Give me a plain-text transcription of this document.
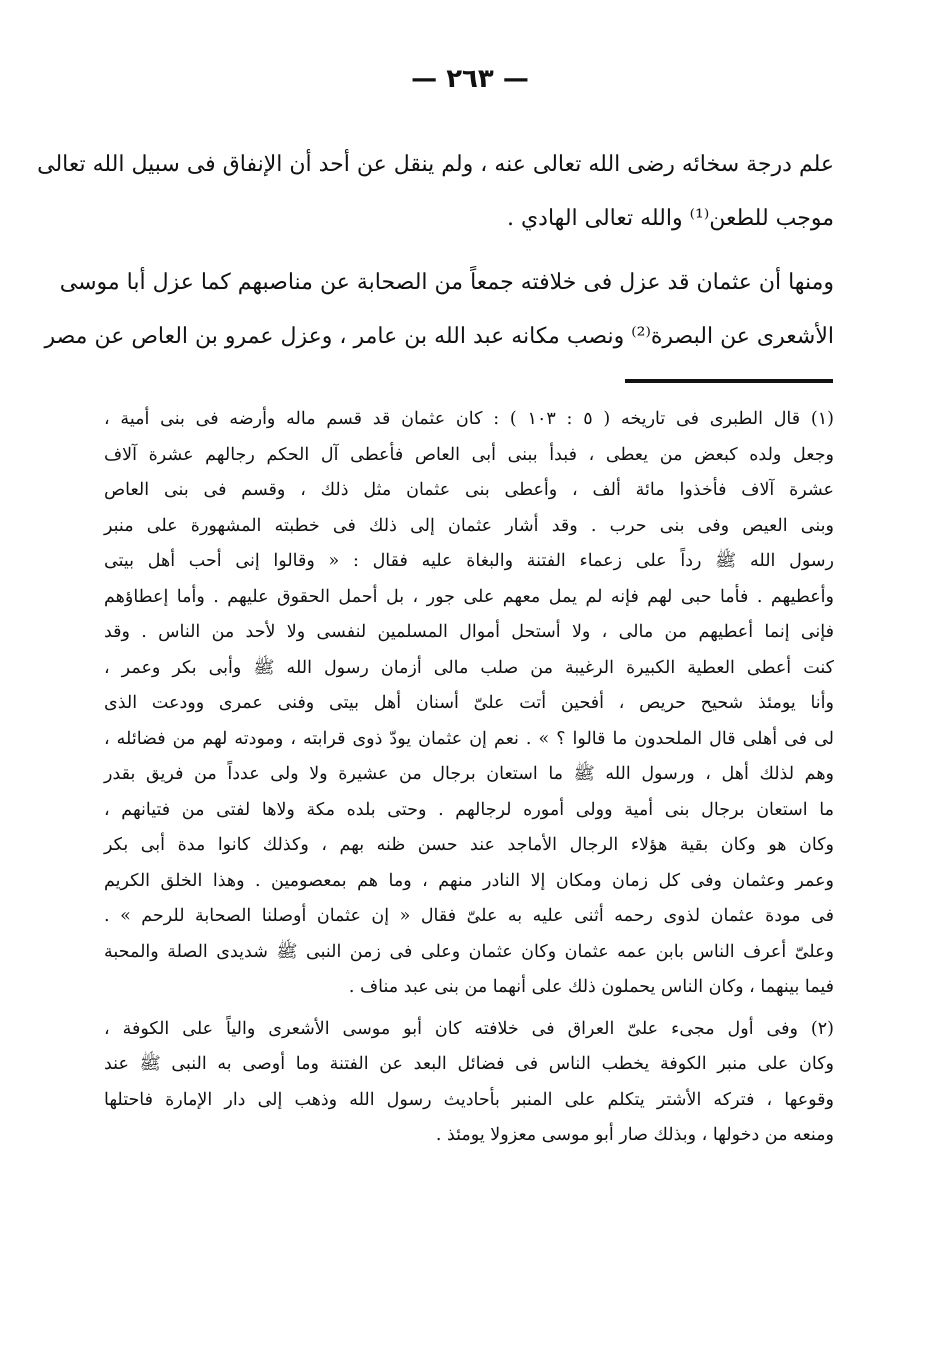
— ٢٦٣ —
علم درجة سخائه رضى الله تعالى عنه ، ولم ينقل عن أحد أن الإنفاق فى سبيل الله تعالى
موجب للطعن⁽¹⁾ والله تعالى الهادي .
ومنها أن عثمان قد عزل فى خلافته جمعاً من الصحابة عن مناصبهم كما عزل أبا موسى
الأشعرى عن البصرة⁽²⁾ ونصب مكانه عبد الله بن عامر ، وعزل عمرو بن العاص عن مصر
(١) قال الطبرى فى تاريخه ( ٥ : ١٠٣ ) : كان عثمان قد قسم ماله وأرضه فى بنى أمية ،
وجعل ولده كبعض من يعطى ، فبدأ ببنى أبى العاص فأعطى آل الحكم رجالهم عشرة آلاف
عشرة آلاف فأخذوا مائة ألف ، وأعطى بنى عثمان مثل ذلك ، وقسم فى بنى العاص
وبنى العيص وفى بنى حرب . وقد أشار عثمان إلى ذلك فى خطبته المشهورة على منبر
رسول الله ﷺ رداً على زعماء الفتنة والبغاة عليه فقال : « وقالوا إنى أحب أهل بيتى
وأعطيهم . فأما حبى لهم فإنه لم يمل معهم على جور ، بل أحمل الحقوق عليهم . وأما إعطاؤهم
فإنى إنما أعطيهم من مالى ، ولا أستحل أموال المسلمين لنفسى ولا لأحد من الناس . وقد
كنت أعطى العطية الكبيرة الرغيبة من صلب مالى أزمان رسول الله ﷺ وأبى بكر وعمر ،
وأنا يومئذ شحيح حريص ، أفحين أتت علىّ أسنان أهل بيتى وفنى عمرى وودعت الذى
لى فى أهلى قال الملحدون ما قالوا ؟ » . نعم إن عثمان يودّ ذوى قرابته ، ومودته لهم من فضائله ،
وهم لذلك أهل ، ورسول الله ﷺ ما استعان برجال من عشيرة ولا ولى عدداً من فريق بقدر
ما استعان برجال بنى أمية وولى أموره لرجالهم . وحتى بلده مكة ولاها لفتى من فتيانهم ،
وكان هو وكان بقية هؤلاء الرجال الأماجد عند حسن ظنه بهم ، وكذلك كانوا مدة أبى بكر
وعمر وعثمان وفى كل زمان ومكان إلا النادر منهم ، وما هم بمعصومين . وهذا الخلق الكريم
فى مودة عثمان لذوى رحمه أثنى عليه به علىّ فقال « إن عثمان أوصلنا الصحابة للرحم » .
وعلىّ أعرف الناس بابن عمه عثمان وكان عثمان وعلى فى زمن النبى ﷺ شديدى الصلة والمحبة
فيما بينهما ، وكان الناس يحملون ذلك على أنهما من بنى عبد مناف .
(٢) وفى أول مجىء علىّ العراق فى خلافته كان أبو موسى الأشعرى والياً على الكوفة ،
وكان على منبر الكوفة يخطب الناس فى فضائل البعد عن الفتنة وما أوصى به النبى ﷺ عند
وقوعها ، فتركه الأشتر يتكلم على المنبر بأحاديث رسول الله وذهب إلى دار الإمارة فاحتلها
ومنعه من دخولها ، وبذلك صار أبو موسى معزولا يومئذ .
